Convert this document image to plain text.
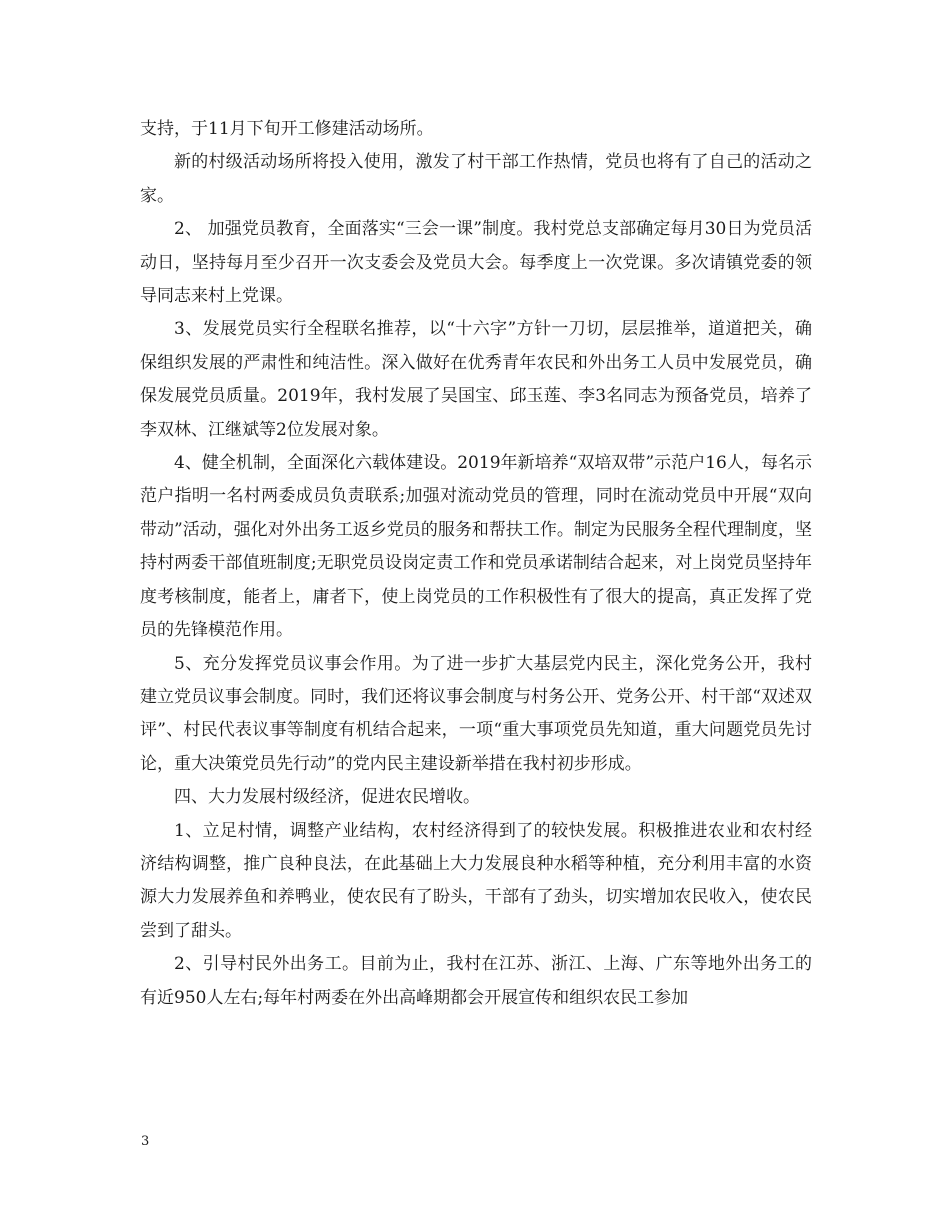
支持，于11月下旬开工修建活动场所。

新的村级活动场所将投入使用，激发了村干部工作热情，党员也将有了自己的活动之家。

2、 加强党员教育，全面落实“三会一课”制度。我村党总支部确定每月30日为党员活动日，坚持每月至少召开一次支委会及党员大会。每季度上一次党课。多次请镇党委的领导同志来村上党课。

3、发展党员实行全程联名推荐，以“十六字”方针一刀切，层层推举，道道把关，确保组织发展的严肃性和纯洁性。深入做好在优秀青年农民和外出务工人员中发展党员，确保发展党员质量。2019年，我村发展了吴国宝、邱玉莲、李3名同志为预备党员，培养了李双林、江继斌等2位发展对象。

4、健全机制，全面深化六载体建设。2019年新培养“双培双带”示范户16人，每名示范户指明一名村两委成员负责联系;加强对流动党员的管理，同时在流动党员中开展“双向带动”活动，强化对外出务工返乡党员的服务和帮扶工作。制定为民服务全程代理制度，坚持村两委干部值班制度;无职党员设岗定责工作和党员承诺制结合起来，对上岗党员坚持年度考核制度，能者上，庸者下，使上岗党员的工作积极性有了很大的提高，真正发挥了党员的先锋模范作用。

5、充分发挥党员议事会作用。为了进一步扩大基层党内民主，深化党务公开，我村建立党员议事会制度。同时，我们还将议事会制度与村务公开、党务公开、村干部“双述双评”、村民代表议事等制度有机结合起来，一项“重大事项党员先知道，重大问题党员先讨论，重大决策党员先行动”的党内民主建设新举措在我村初步形成。

四、大力发展村级经济，促进农民增收。

1、立足村情，调整产业结构，农村经济得到了的较快发展。积极推进农业和农村经济结构调整，推广良种良法，在此基础上大力发展良种水稻等种植，充分利用丰富的水资源大力发展养鱼和养鸭业，使农民有了盼头，干部有了劲头，切实增加农民收入，使农民尝到了甜头。

2、引导村民外出务工。目前为止，我村在江苏、浙江、上海、广东等地外出务工的有近950人左右;每年村两委在外出高峰期都会开展宣传和组织农民工参加

3
